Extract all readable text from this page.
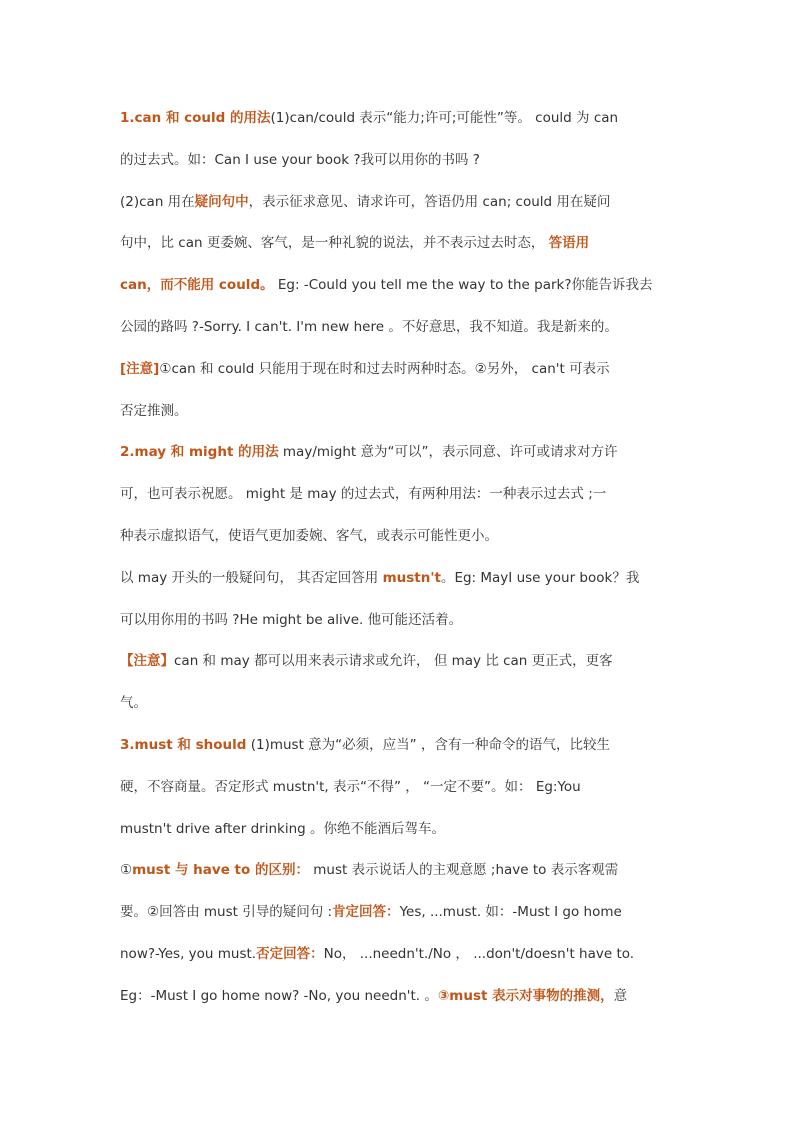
1.can 和 could 的用法(1)can/could 表示“能力;许可;可能性”等。 could 为 can
的过去式。如：Can I use your book ?我可以用你的书吗 ?
(2)can 用在疑问句中，表示征求意见、请求许可，答语仍用 can; could 用在疑问
句中，比 can 更委婉、客气，是一种礼貌的说法，并不表示过去时态， 答语用
can，而不能用 could。 Eg: -Could you tell me the way to the park?你能告诉我去
公园的路吗 ?-Sorry. I can't. I'm new here 。不好意思，我不知道。我是新来的。
[注意]①can 和 could 只能用于现在时和过去时两种时态。②另外， can't 可表示
否定推测。
2.may 和 might 的用法 may/might 意为“可以”，表示同意、许可或请求对方许
可，也可表示祝愿。 might 是 may 的过去式，有两种用法：一种表示过去式 ;一
种表示虚拟语气，使语气更加委婉、客气，或表示可能性更小。
以 may 开头的一般疑问句， 其否定回答用 mustn't。Eg: MayI use your book？我
可以用你用的书吗 ?He might be alive. 他可能还活着。
【注意】can 和 may 都可以用来表示请求或允许， 但 may 比 can 更正式，更客
气。
3.must 和 should (1)must 意为“必须，应当” ，含有一种命令的语气，比较生
硬，不容商量。否定形式 mustn't, 表示“不得” ， “一定不要”。如： Eg:You
mustn't drive after drinking 。你绝不能酒后驾车。
①must 与 have to 的区别： must 表示说话人的主观意愿 ;have to 表示客观需
要。②回答由 must 引导的疑问句 :肯定回答：Yes, ...must. 如：-Must I go home
now?-Yes, you must.否定回答：No， ...needn't./No ， ...don't/doesn't have to.
Eg：-Must I go home now? -No, you needn't. 。③must 表示对事物的推测，意
